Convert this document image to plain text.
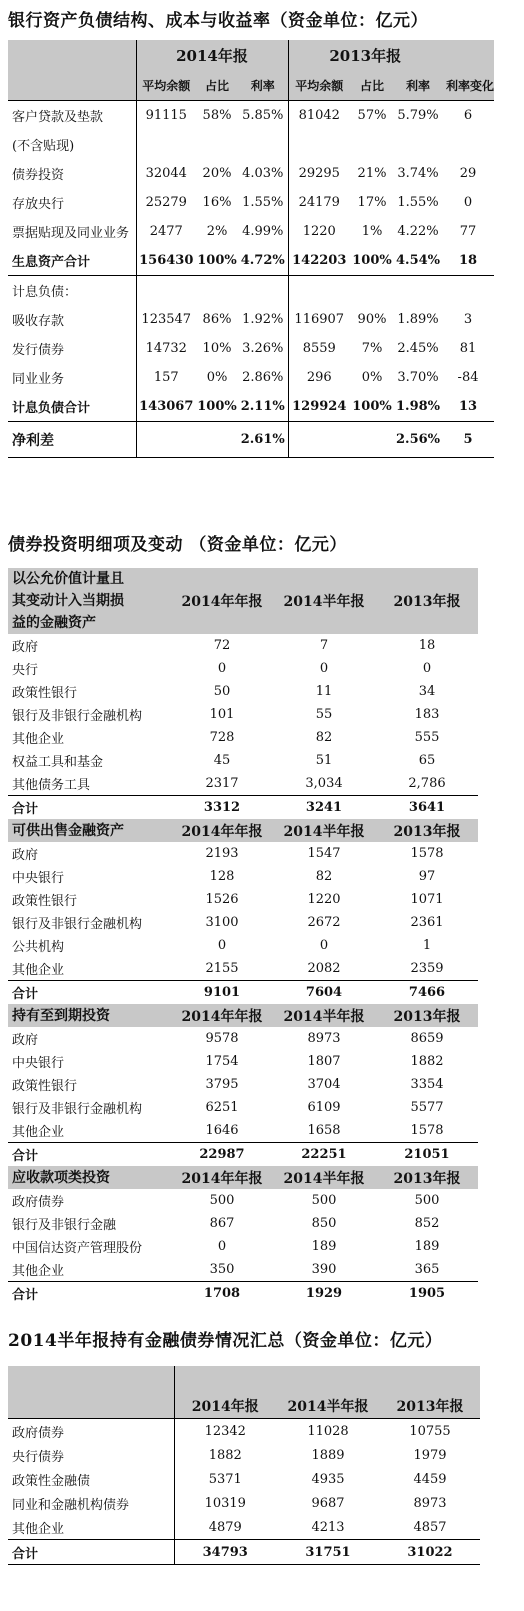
银行资产负债结构、成本与收益率（资金单位：亿元）
	2014年报			2013年报			
	平均余额	占比	利率	平均余额	占比	利率	利率变化
客户贷款及垫款	91115	58%	5.85%	81042	57%	5.79%	6
(不含贴现)							
债券投资	32044	20%	4.03%	29295	21%	3.74%	29
存放央行	25279	16%	1.55%	24179	17%	1.55%	0
票据贴现及同业业务	2477	2%	4.99%	1220	1%	4.22%	77
生息资产合计	156430	100%	4.72%	142203	100%	4.54%	18
计息负债：							
吸收存款	123547	86%	1.92%	116907	90%	1.89%	3
发行债券	14732	10%	3.26%	8559	7%	2.45%	81
同业业务	157	0%	2.86%	296	0%	3.70%	-84
计息负债合计	143067	100%	2.11%	129924	100%	1.98%	13
净利差			2.61%			2.56%	5
债券投资明细项及变动 （资金单位：亿元）
以公允价值计量且
其变动计入当期损
益的金融资产	2014年年报	2014半年报	2013年报
政府	72	7	18
央行	0	0	0
政策性银行	50	11	34
银行及非银行金融机构	101	55	183
其他企业	728	82	555
权益工具和基金	45	51	65
其他债务工具	2317	3,034	2,786
合计	3312	3241	3641
可供出售金融资产	2014年年报	2014半年报	2013年报
政府	2193	1547	1578
中央银行	128	82	97
政策性银行	1526	1220	1071
银行及非银行金融机构	3100	2672	2361
公共机构	0	0	1
其他企业	2155	2082	2359
合计	9101	7604	7466
持有至到期投资	2014年年报	2014半年报	2013年报
政府	9578	8973	8659
中央银行	1754	1807	1882
政策性银行	3795	3704	3354
银行及非银行金融机构	6251	6109	5577
其他企业	1646	1658	1578
合计	22987	22251	21051
应收款项类投资	2014年年报	2014半年报	2013年报
政府债券	500	500	500
银行及非银行金融	867	850	852
中国信达资产管理股份	0	189	189
其他企业	350	390	365
合计	1708	1929	1905
2014半年报持有金融债券情况汇总（资金单位：亿元）

	2014年报	2014半年报	2013年报
政府债券	12342	11028	10755
央行债券	1882	1889	1979
政策性金融债	5371	4935	4459
同业和金融机构债券	10319	9687	8973
其他企业	4879	4213	4857
合计	34793	31751	31022
